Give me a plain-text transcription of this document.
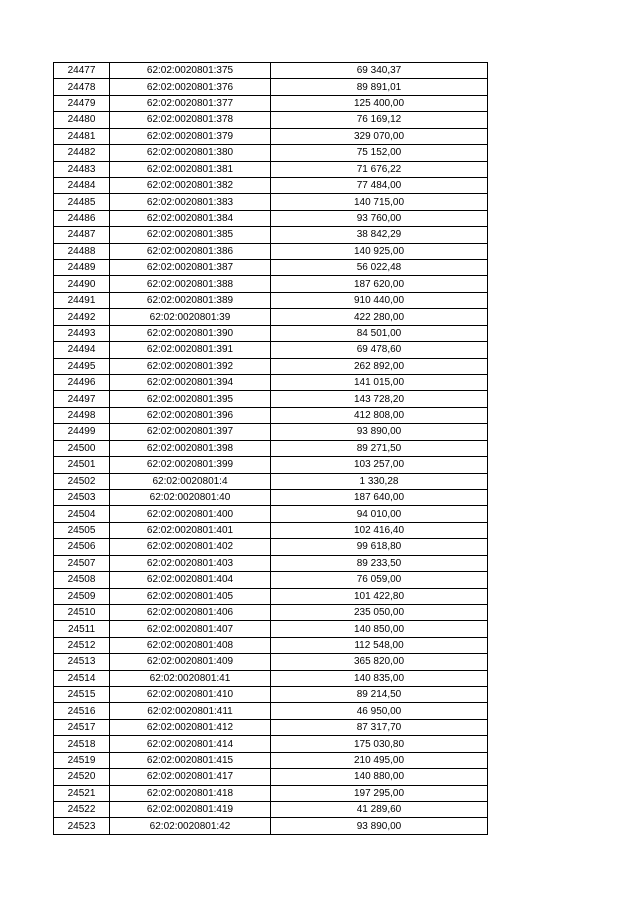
24477	62:02:0020801:375	69 340,37
24478	62:02:0020801:376	89 891,01
24479	62:02:0020801:377	125 400,00
24480	62:02:0020801:378	76 169,12
24481	62:02:0020801:379	329 070,00
24482	62:02:0020801:380	75 152,00
24483	62:02:0020801:381	71 676,22
24484	62:02:0020801:382	77 484,00
24485	62:02:0020801:383	140 715,00
24486	62:02:0020801:384	93 760,00
24487	62:02:0020801:385	38 842,29
24488	62:02:0020801:386	140 925,00
24489	62:02:0020801:387	56 022,48
24490	62:02:0020801:388	187 620,00
24491	62:02:0020801:389	910 440,00
24492	62:02:0020801:39	422 280,00
24493	62:02:0020801:390	84 501,00
24494	62:02:0020801:391	69 478,60
24495	62:02:0020801:392	262 892,00
24496	62:02:0020801:394	141 015,00
24497	62:02:0020801:395	143 728,20
24498	62:02:0020801:396	412 808,00
24499	62:02:0020801:397	93 890,00
24500	62:02:0020801:398	89 271,50
24501	62:02:0020801:399	103 257,00
24502	62:02:0020801:4	1 330,28
24503	62:02:0020801:40	187 640,00
24504	62:02:0020801:400	94 010,00
24505	62:02:0020801:401	102 416,40
24506	62:02:0020801:402	99 618,80
24507	62:02:0020801:403	89 233,50
24508	62:02:0020801:404	76 059,00
24509	62:02:0020801:405	101 422,80
24510	62:02:0020801:406	235 050,00
24511	62:02:0020801:407	140 850,00
24512	62:02:0020801:408	112 548,00
24513	62:02:0020801:409	365 820,00
24514	62:02:0020801:41	140 835,00
24515	62:02:0020801:410	89 214,50
24516	62:02:0020801:411	46 950,00
24517	62:02:0020801:412	87 317,70
24518	62:02:0020801:414	175 030,80
24519	62:02:0020801:415	210 495,00
24520	62:02:0020801:417	140 880,00
24521	62:02:0020801:418	197 295,00
24522	62:02:0020801:419	41 289,60
24523	62:02:0020801:42	93 890,00
